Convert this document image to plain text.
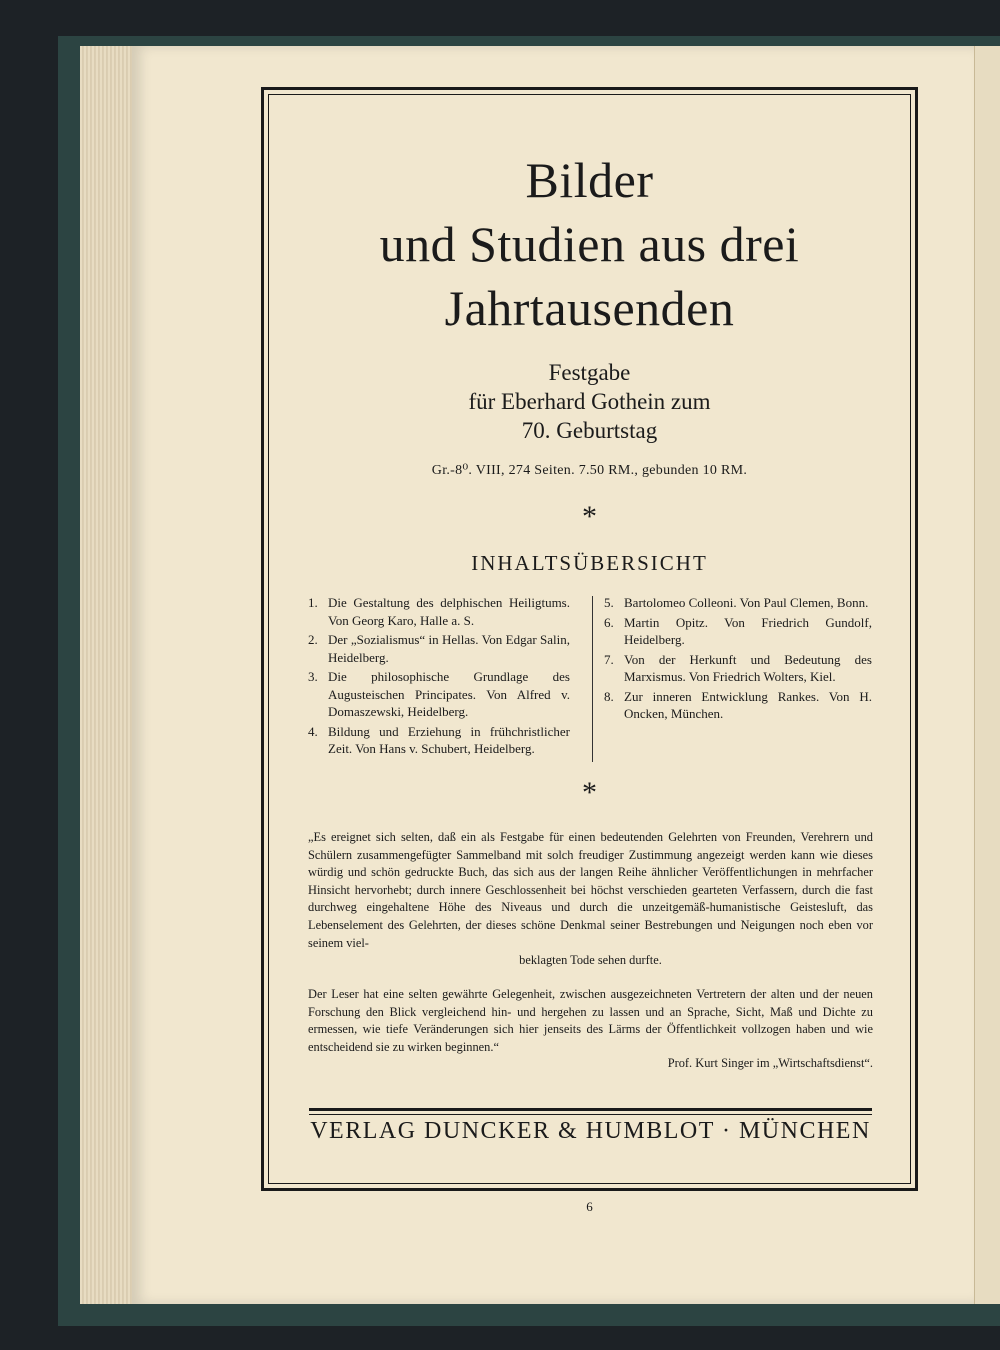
Bilder
und Studien aus drei
Jahrtausenden
Festgabe
für Eberhard Gothein zum
70. Geburtstag
Gr.-8⁰. VIII, 274 Seiten. 7.50 RM., gebunden 10 RM.
*
INHALTSÜBERSICHT
1. Die Gestaltung des delphischen Heiligtums. Von Georg Karo, Halle a. S.
2. Der „Sozialismus“ in Hellas. Von Edgar Salin, Heidelberg.
3. Die philosophische Grundlage des Augusteischen Principates. Von Alfred v. Domaszewski, Heidelberg.
4. Bildung und Erziehung in frühchristlicher Zeit. Von Hans v. Schubert, Heidelberg.
5. Bartolomeo Colleoni. Von Paul Clemen, Bonn.
6. Martin Opitz. Von Friedrich Gundolf, Heidelberg.
7. Von der Herkunft und Bedeutung des Marxismus. Von Friedrich Wolters, Kiel.
8. Zur inneren Entwicklung Rankes. Von H. Oncken, München.
*
„Es ereignet sich selten, daß ein als Festgabe für einen bedeutenden Gelehrten von Freunden, Verehrern und Schülern zusammengefügter Sammelband mit solch freudiger Zustimmung angezeigt werden kann wie dieses würdig und schön gedruckte Buch, das sich aus der langen Reihe ähnlicher Veröffentlichungen in mehrfacher Hinsicht hervorhebt; durch innere Geschlossenheit bei höchst verschieden gearteten Verfassern, durch die fast durchweg eingehaltene Höhe des Niveaus und durch die unzeitgemäß-humanistische Geistesluft, das Lebenselement des Gelehrten, der dieses schöne Denkmal seiner Bestrebungen und Neigungen noch eben vor seinem viel-
beklagten Tode sehen durfte.
Der Leser hat eine selten gewährte Gelegenheit, zwischen ausgezeichneten Vertretern der alten und der neuen Forschung den Blick vergleichend hin- und hergehen zu lassen und an Sprache, Sicht, Maß und Dichte zu ermessen, wie tiefe Veränderungen sich hier jenseits des Lärms der Öffentlichkeit vollzogen haben und wie entscheidend sie zu wirken beginnen.“
Prof. Kurt Singer im „Wirtschaftsdienst“.
VERLAG DUNCKER & HUMBLOT · MÜNCHEN
6
